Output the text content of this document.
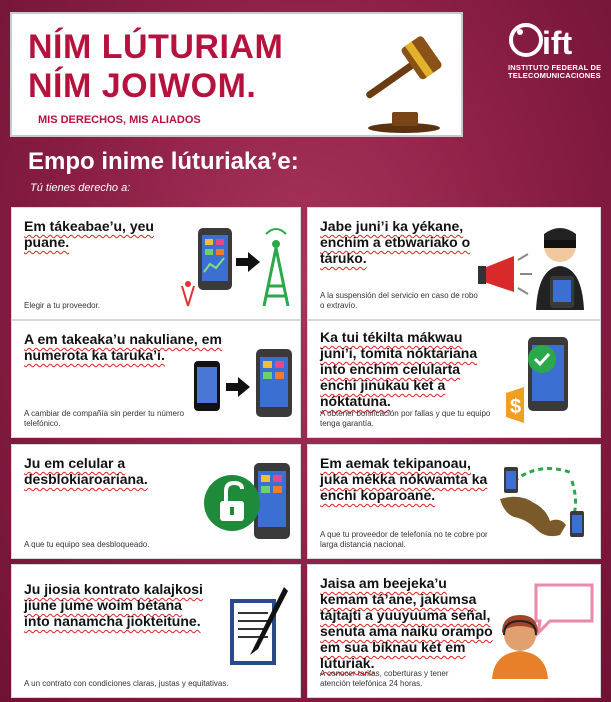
NÍM LÚTURIAM
NÍM JOIWOM.
MIS DERECHOS, MIS ALIADOS
ift
INSTITUTO FEDERAL DE
TELECOMUNICACIONES
Empo inime lúturiaka’e:
Tú tienes derecho a:
Em tákeabae’u, yeu puane.
Elegir a tu proveedor.
Jabe juni’i ka yékane, enchim a etbwariako o táruko.
A la suspensión del servicio en caso de robo o extravío.
A em takeaka’u nakuliane, em numerota ka taruka’i.
A cambiar de compañía sin perder tu número telefónico.
Ka tui tékilta mákwau juni’i, tomita nóktariana into enchim celularta enchi jinukau ket a nóktatuna.	$
A obtener bonificación por fallas y que tu equipo tenga garantía.
Ju em celular a desblokiaroariana.
A que tu equipo sea desbloqueado.
Em aemak tekipanoau, juka mékka nókwamta ka enchi koparoane.
A que tu proveedor de telefonía no te cobre por larga distancia nacional.
Ju jiosia kontrato kalajkosi jiune jume woim bétana into nanamcha jiokteitune.
A un contrato con condiciones claras, justas y equitativas.
Jaisa am beejeka’u kemam tá’ane, jakumsa tájtajti a yuuyuuma señal, senuta ama naiku orampo em sua bíknau két em lúturiak.
A conocer tarifas, coberturas y tener atención telefónica 24 horas.
